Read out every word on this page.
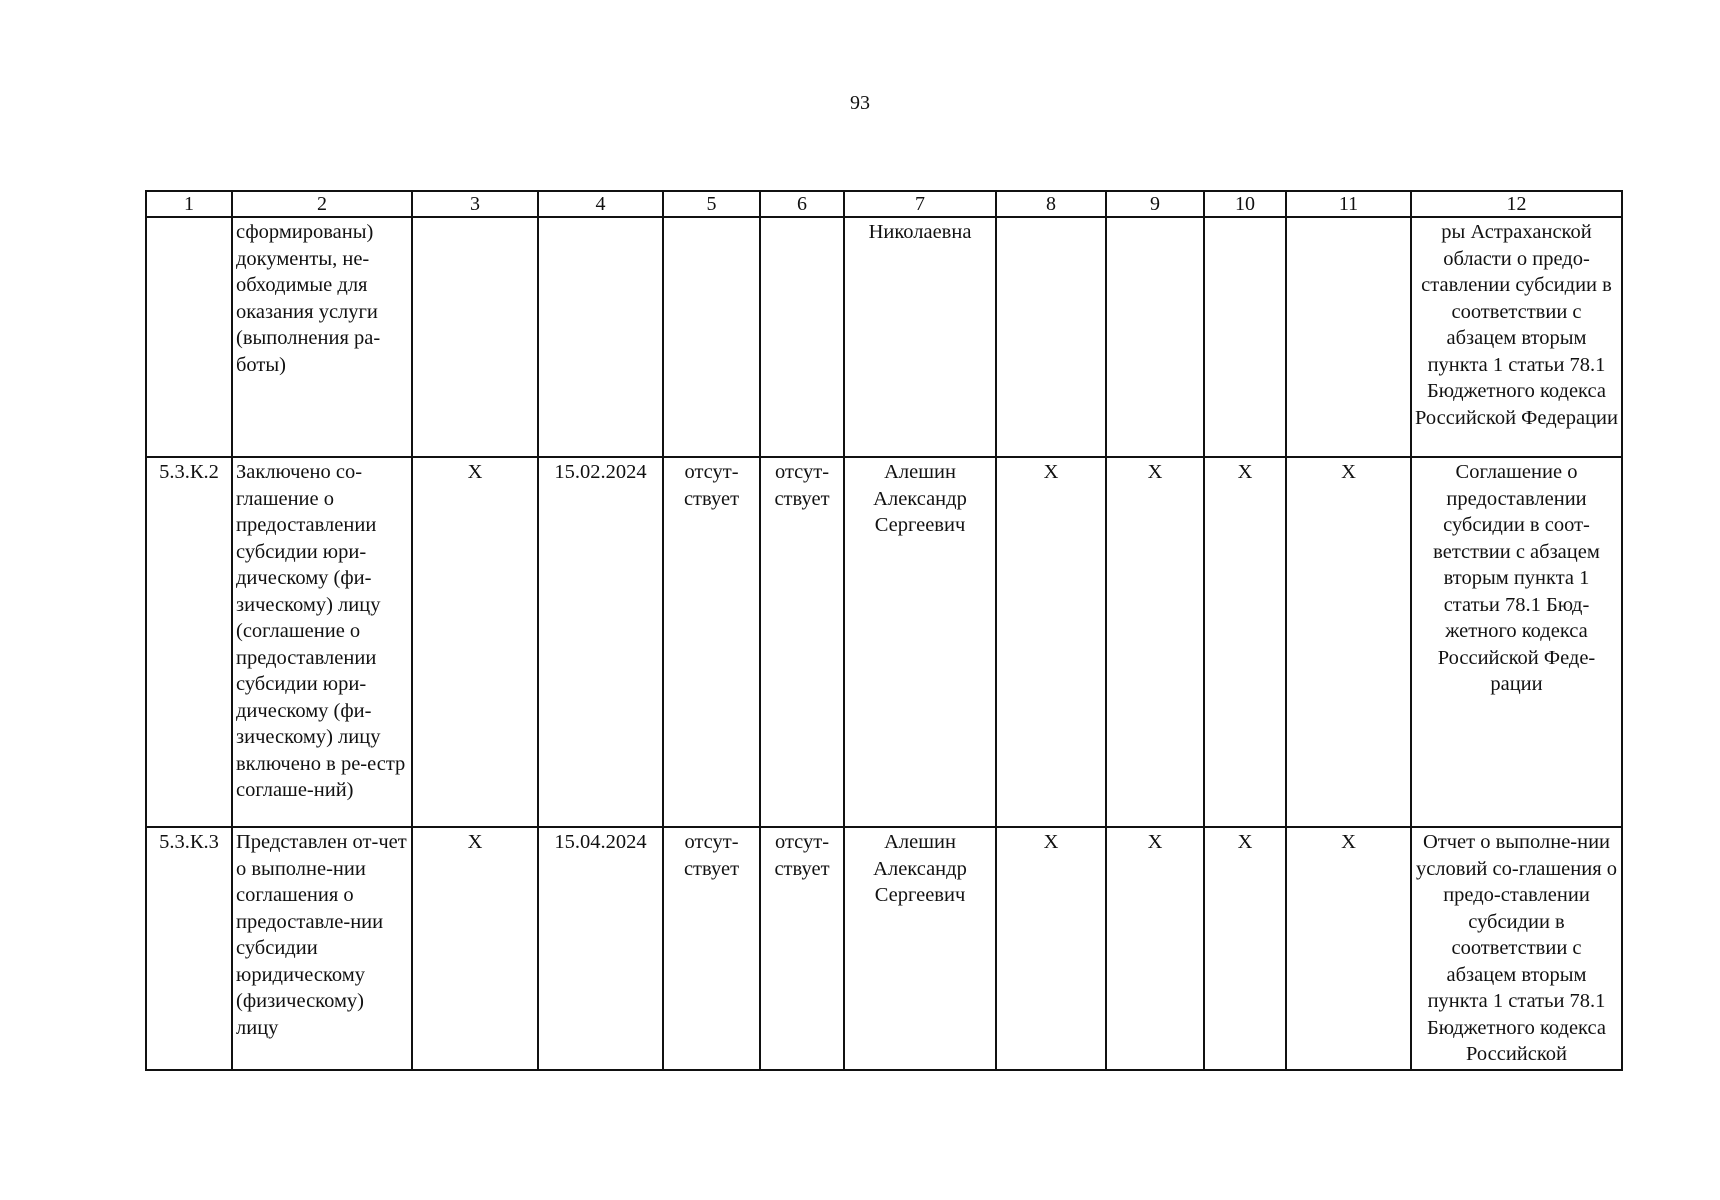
93
1	2	3	4	5	6	7	8	9	10	11	12
	сформированы) документы, не-обходимые для оказания услуги (выполнения ра-боты)					Николаевна					ры Астраханской области о предо-ставлении субсидии в соответствии с абзацем вторым пункта 1 статьи 78.1 Бюджетного кодекса Российской Федерации
5.3.К.2	Заключено со-глашение о предоставлении субсидии юри-дическому (фи-зическому) лицу (соглашение о предоставлении субсидии юри-дическому (фи-зическому) лицу включено в ре-естр соглаше-ний)	X	15.02.2024	отсут-ствует	отсут-ствует	Алешин Александр Сергеевич	X	X	X	X	Соглашение о предоставлении субсидии в соот-ветствии с абзацем вторым пункта 1 статьи 78.1 Бюд-жетного кодекса Российской Феде-рации
5.3.К.3	Представлен от-чет о выполне-нии соглашения о предоставле-нии субсидии юридическому (физическому) лицу	X	15.04.2024	отсут-ствует	отсут-ствует	Алешин Александр Сергеевич	X	X	X	X	Отчет о выполне-нии условий со-глашения о предо-ставлении субсидии в соответствии с абзацем вторым пункта 1 статьи 78.1 Бюджетного кодекса Российской
